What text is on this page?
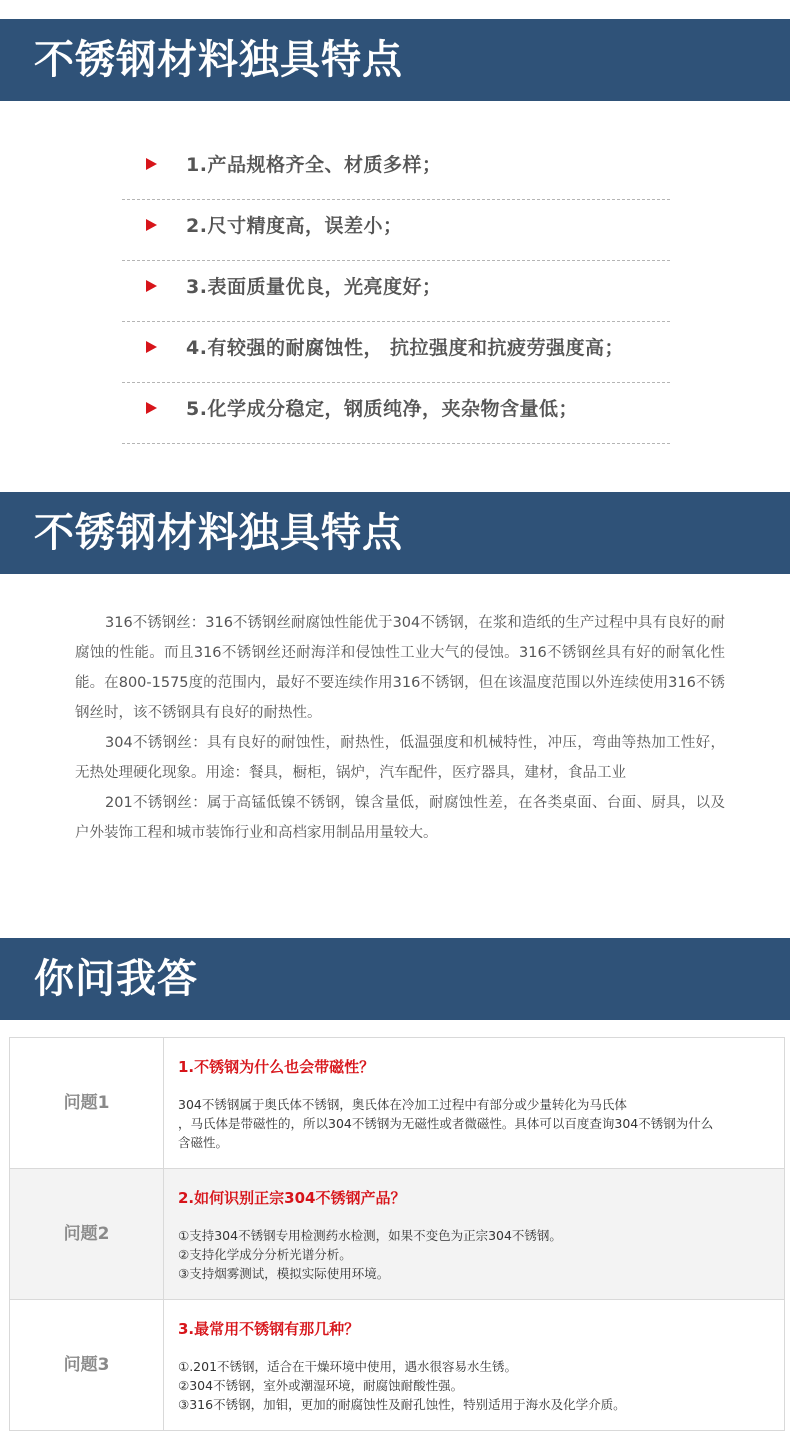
不锈钢材料独具特点
1.产品规格齐全、材质多样；
2.尺寸精度高，误差小；
3.表面质量优良，光亮度好；
4.有较强的耐腐蚀性， 抗拉强度和抗疲劳强度高；
5.化学成分稳定，钢质纯净，夹杂物含量低；
不锈钢材料独具特点

316不锈钢丝：316不锈钢丝耐腐蚀性能优于304不锈钢，在浆和造纸的生产过程中具有良好的耐腐蚀的性能。而且316不锈钢丝还耐海洋和侵蚀性工业大气的侵蚀。316不锈钢丝具有好的耐氧化性能。在800-1575度的范围内，最好不要连续作用316不锈钢，但在该温度范围以外连续使用316不锈钢丝时，该不锈钢具有良好的耐热性。

304不锈钢丝：具有良好的耐蚀性，耐热性，低温强度和机械特性，冲压，弯曲等热加工性好，无热处理硬化现象。用途：餐具，橱柜，锅炉，汽车配件，医疗器具，建材，食品工业

201不锈钢丝：属于高锰低镍不锈钢，镍含量低，耐腐蚀性差，在各类桌面、台面、厨具，以及户外装饰工程和城市装饰行业和高档家用制品用量较大。

你问我答
问题1

1.不锈钢为什么也会带磁性？

304不锈钢属于奥氏体不锈钢，奥氏体在冷加工过程中有部分或少量转化为马氏体
，马氏体是带磁性的，所以304不锈钢为无磁性或者微磁性。具体可以百度查询304不锈钢为什么
含磁性。
问题2

2.如何识别正宗304不锈钢产品？

①支持304不锈钢专用检测药水检测，如果不变色为正宗304不锈钢。
②支持化学成分分析光谱分析。
③支持烟雾测试，模拟实际使用环境。
问题3

3.最常用不锈钢有那几种？

①.201不锈钢，适合在干燥环境中使用，遇水很容易水生锈。
②304不锈钢，室外或潮湿环境，耐腐蚀耐酸性强。
③316不锈钢，加钼，更加的耐腐蚀性及耐孔蚀性，特别适用于海水及化学介质。
